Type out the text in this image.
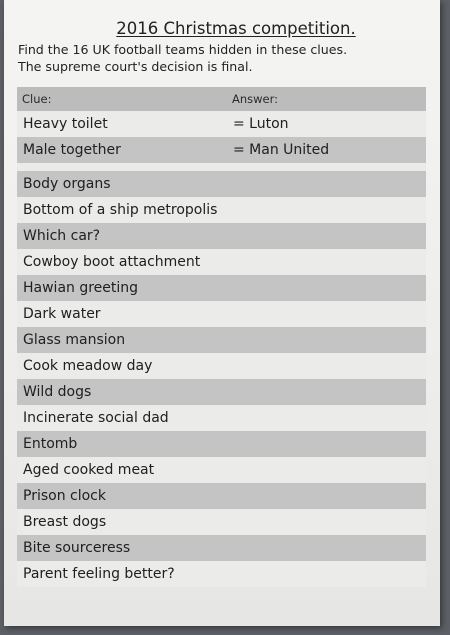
2016 Christmas competition.
Find the 16 UK football teams hidden in these clues.
The supreme court's decision is final.
Clue:	Answer:
Heavy toilet	= Luton
Male together	= Man United
Body organs
Bottom of a ship metropolis
Which car?
Cowboy boot attachment
Hawian greeting
Dark water
Glass mansion
Cook meadow day
Wild dogs
Incinerate social dad
Entomb
Aged cooked meat
Prison clock
Breast dogs
Bite sourceress
Parent feeling better?
